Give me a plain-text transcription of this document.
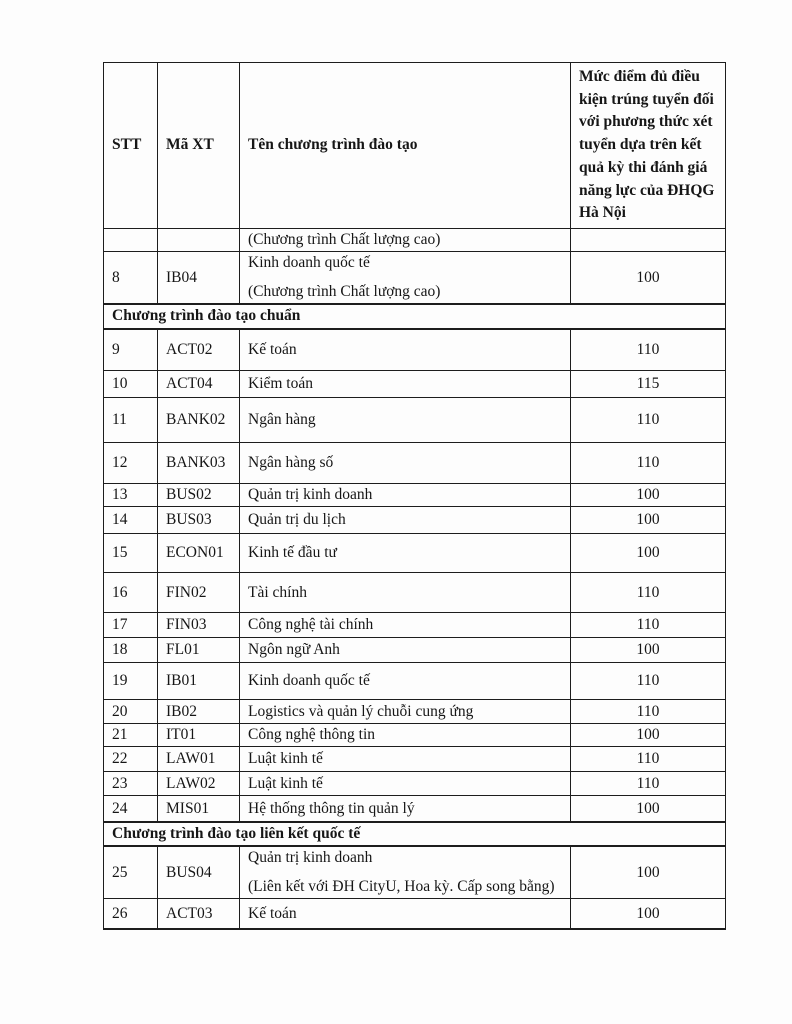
STT	Mã XT	Tên chương trình đào tạo	Mức điểm đủ điều kiện trúng tuyển đối với phương thức xét tuyển dựa trên kết quả kỳ thi đánh giá năng lực của ĐHQG Hà Nội

		(Chương trình Chất lượng cao)	

8	IB04	Kinh doanh quốc tế
(Chương trình Chất lượng cao)	100
Chương trình đào tạo chuẩn			
9	ACT02	Kế toán	110
10	ACT04	Kiểm toán	115
11	BANK02	Ngân hàng	110
12	BANK03	Ngân hàng số	110
13	BUS02	Quản trị kinh doanh	100
14	BUS03	Quản trị du lịch	100
15	ECON01	Kinh tế đầu tư	100
16	FIN02	Tài chính	110
17	FIN03	Công nghệ tài chính	110
18	FL01	Ngôn ngữ Anh	100
19	IB01	Kinh doanh quốc tế	110
20	IB02	Logistics và quản lý chuỗi cung ứng	110
21	IT01	Công nghệ thông tin	100
22	LAW01	Luật kinh tế	110
23	LAW02	Luật kinh tế	110
24	MIS01	Hệ thống thông tin quản lý	100
Chương trình đào tạo liên kết quốc tế			
25	BUS04	Quản trị kinh doanh
(Liên kết với ĐH CityU, Hoa kỳ. Cấp song bằng)	100
26	ACT03	Kế toán	100
